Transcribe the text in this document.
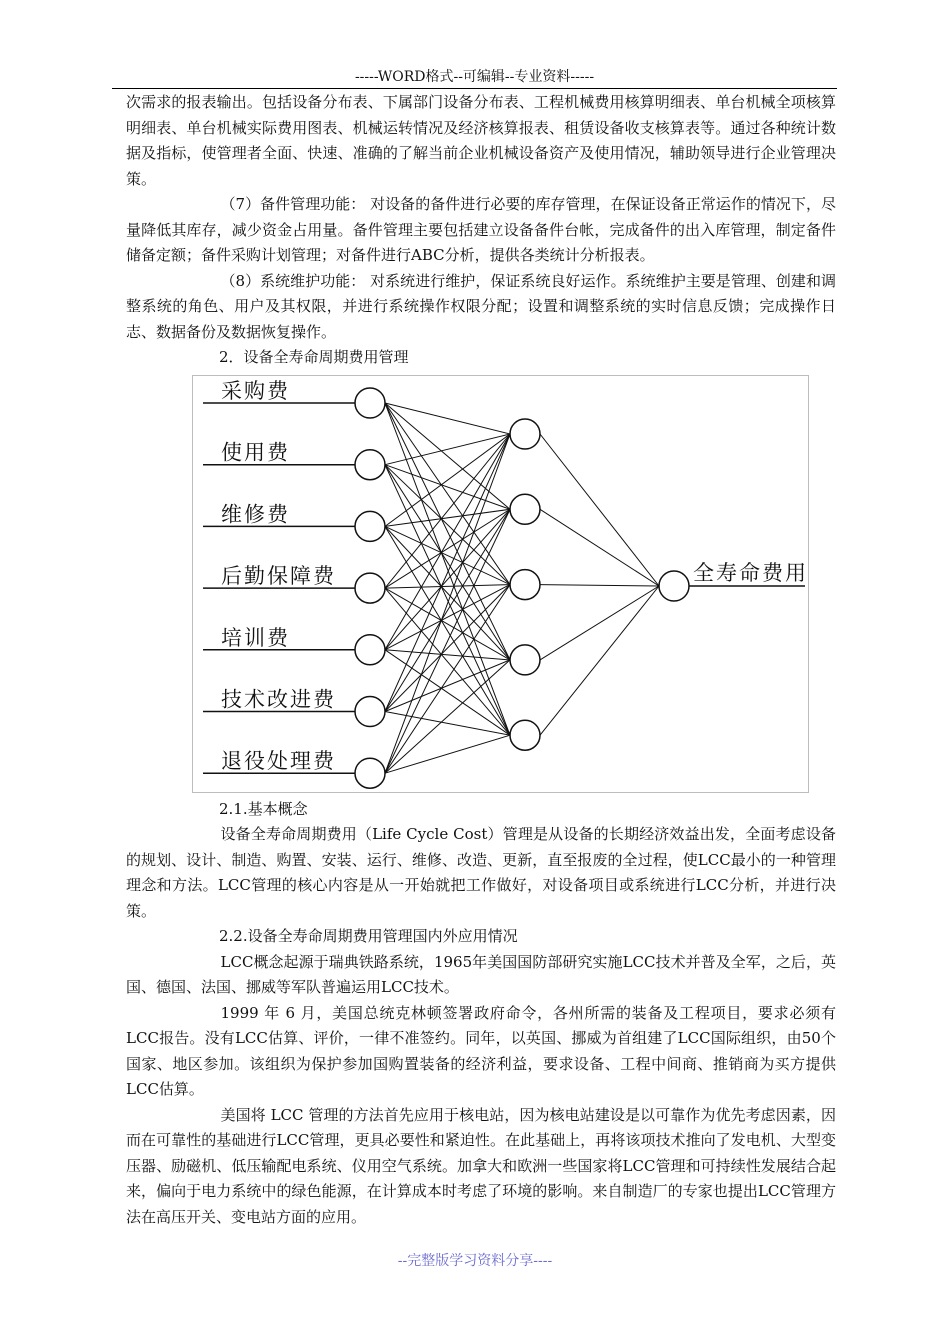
-----WORD格式--可编辑--专业资料-----

次需求的报表输出。包括设备分布表、下属部门设备分布表、工程机械费用核算明细表、单台机械全项核算明细表、单台机械实际费用图表、机械运转情况及经济核算报表、租赁设备收支核算表等。通过各种统计数据及指标，使管理者全面、快速、准确的了解当前企业机械设备资产及使用情况，辅助领导进行企业管理决策。

（7）备件管理功能： 对设备的备件进行必要的库存管理，在保证设备正常运作的情况下，尽量降低其库存，减少资金占用量。备件管理主要包括建立设备备件台帐，完成备件的出入库管理，制定备件储备定额；备件采购计划管理；对备件进行ABC分析，提供各类统计分析报表。

（8）系统维护功能： 对系统进行维护，保证系统良好运作。系统维护主要是管理、创建和调整系统的角色、用户及其权限，并进行系统操作权限分配；设置和调整系统的实时信息反馈；完成操作日志、数据备份及数据恢复操作。

2．设备全寿命周期费用管理

采购费
使用费
维修费
后勤保障费
培训费
技术改进费
退役处理费
全寿命费用

2.1.基本概念

设备全寿命周期费用（Life Cycle Cost）管理是从设备的长期经济效益出发，全面考虑设备的规划、设计、制造、购置、安装、运行、维修、改造、更新，直至报废的全过程，使LCC最小的一种管理理念和方法。LCC管理的核心内容是从一开始就把工作做好，对设备项目或系统进行LCC分析，并进行决策。

2.2.设备全寿命周期费用管理国内外应用情况

LCC概念起源于瑞典铁路系统，1965年美国国防部研究实施LCC技术并普及全军，之后，英国、德国、法国、挪威等军队普遍运用LCC技术。

1999 年 6 月，美国总统克林顿签署政府命令，各州所需的装备及工程项目，要求必须有LCC报告。没有LCC估算、评价，一律不准签约。同年，以英国、挪威为首组建了LCC国际组织，由50个国家、地区参加。该组织为保护参加国购置装备的经济利益，要求设备、工程中间商、推销商为买方提供LCC估算。

美国将 LCC 管理的方法首先应用于核电站，因为核电站建设是以可靠作为优先考虑因素，因而在可靠性的基础进行LCC管理，更具必要性和紧迫性。在此基础上，再将该项技术推向了发电机、大型变压器、励磁机、低压输配电系统、仪用空气系统。加拿大和欧洲一些国家将LCC管理和可持续性发展结合起来，偏向于电力系统中的绿色能源，在计算成本时考虑了环境的影响。来自制造厂的专家也提出LCC管理方法在高压开关、变电站方面的应用。

--完整版学习资料分享----
